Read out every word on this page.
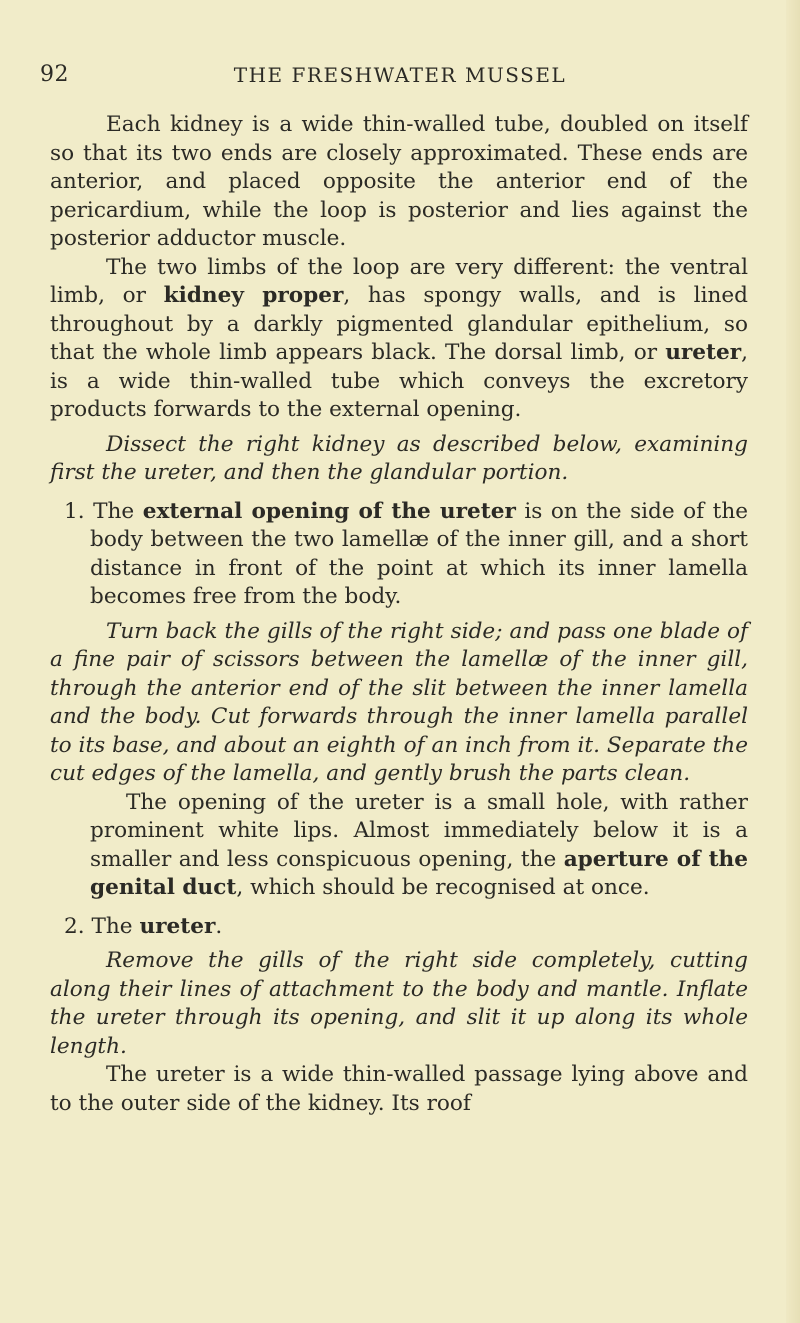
92	THE FRESHWATER MUSSEL

Each kidney is a wide thin-walled tube, doubled on itself so that its two ends are closely approximated. These ends are anterior, and placed opposite the anterior end of the pericardium, while the loop is posterior and lies against the posterior adductor muscle.

The two limbs of the loop are very different: the ventral limb, or kidney proper, has spongy walls, and is lined throughout by a darkly pigmented glandular epithelium, so that the whole limb appears black. The dorsal limb, or ureter, is a wide thin-walled tube which conveys the excretory products forwards to the external opening.

Dissect the right kidney as described below, examining first the ureter, and then the glandular portion.

1. The external opening of the ureter is on the side of the body between the two lamellæ of the inner gill, and a short distance in front of the point at which its inner lamella becomes free from the body.

Turn back the gills of the right side; and pass one blade of a fine pair of scissors between the lamellæ of the inner gill, through the anterior end of the slit between the inner lamella and the body. Cut forwards through the inner lamella parallel to its base, and about an eighth of an inch from it. Separate the cut edges of the lamella, and gently brush the parts clean.

The opening of the ureter is a small hole, with rather prominent white lips. Almost immediately below it is a smaller and less conspicuous opening, the aperture of the genital duct, which should be recognised at once.

2. The ureter.

Remove the gills of the right side completely, cutting along their lines of attachment to the body and mantle. Inflate the ureter through its opening, and slit it up along its whole length.

The ureter is a wide thin-walled passage lying above and to the outer side of the kidney. Its roof
